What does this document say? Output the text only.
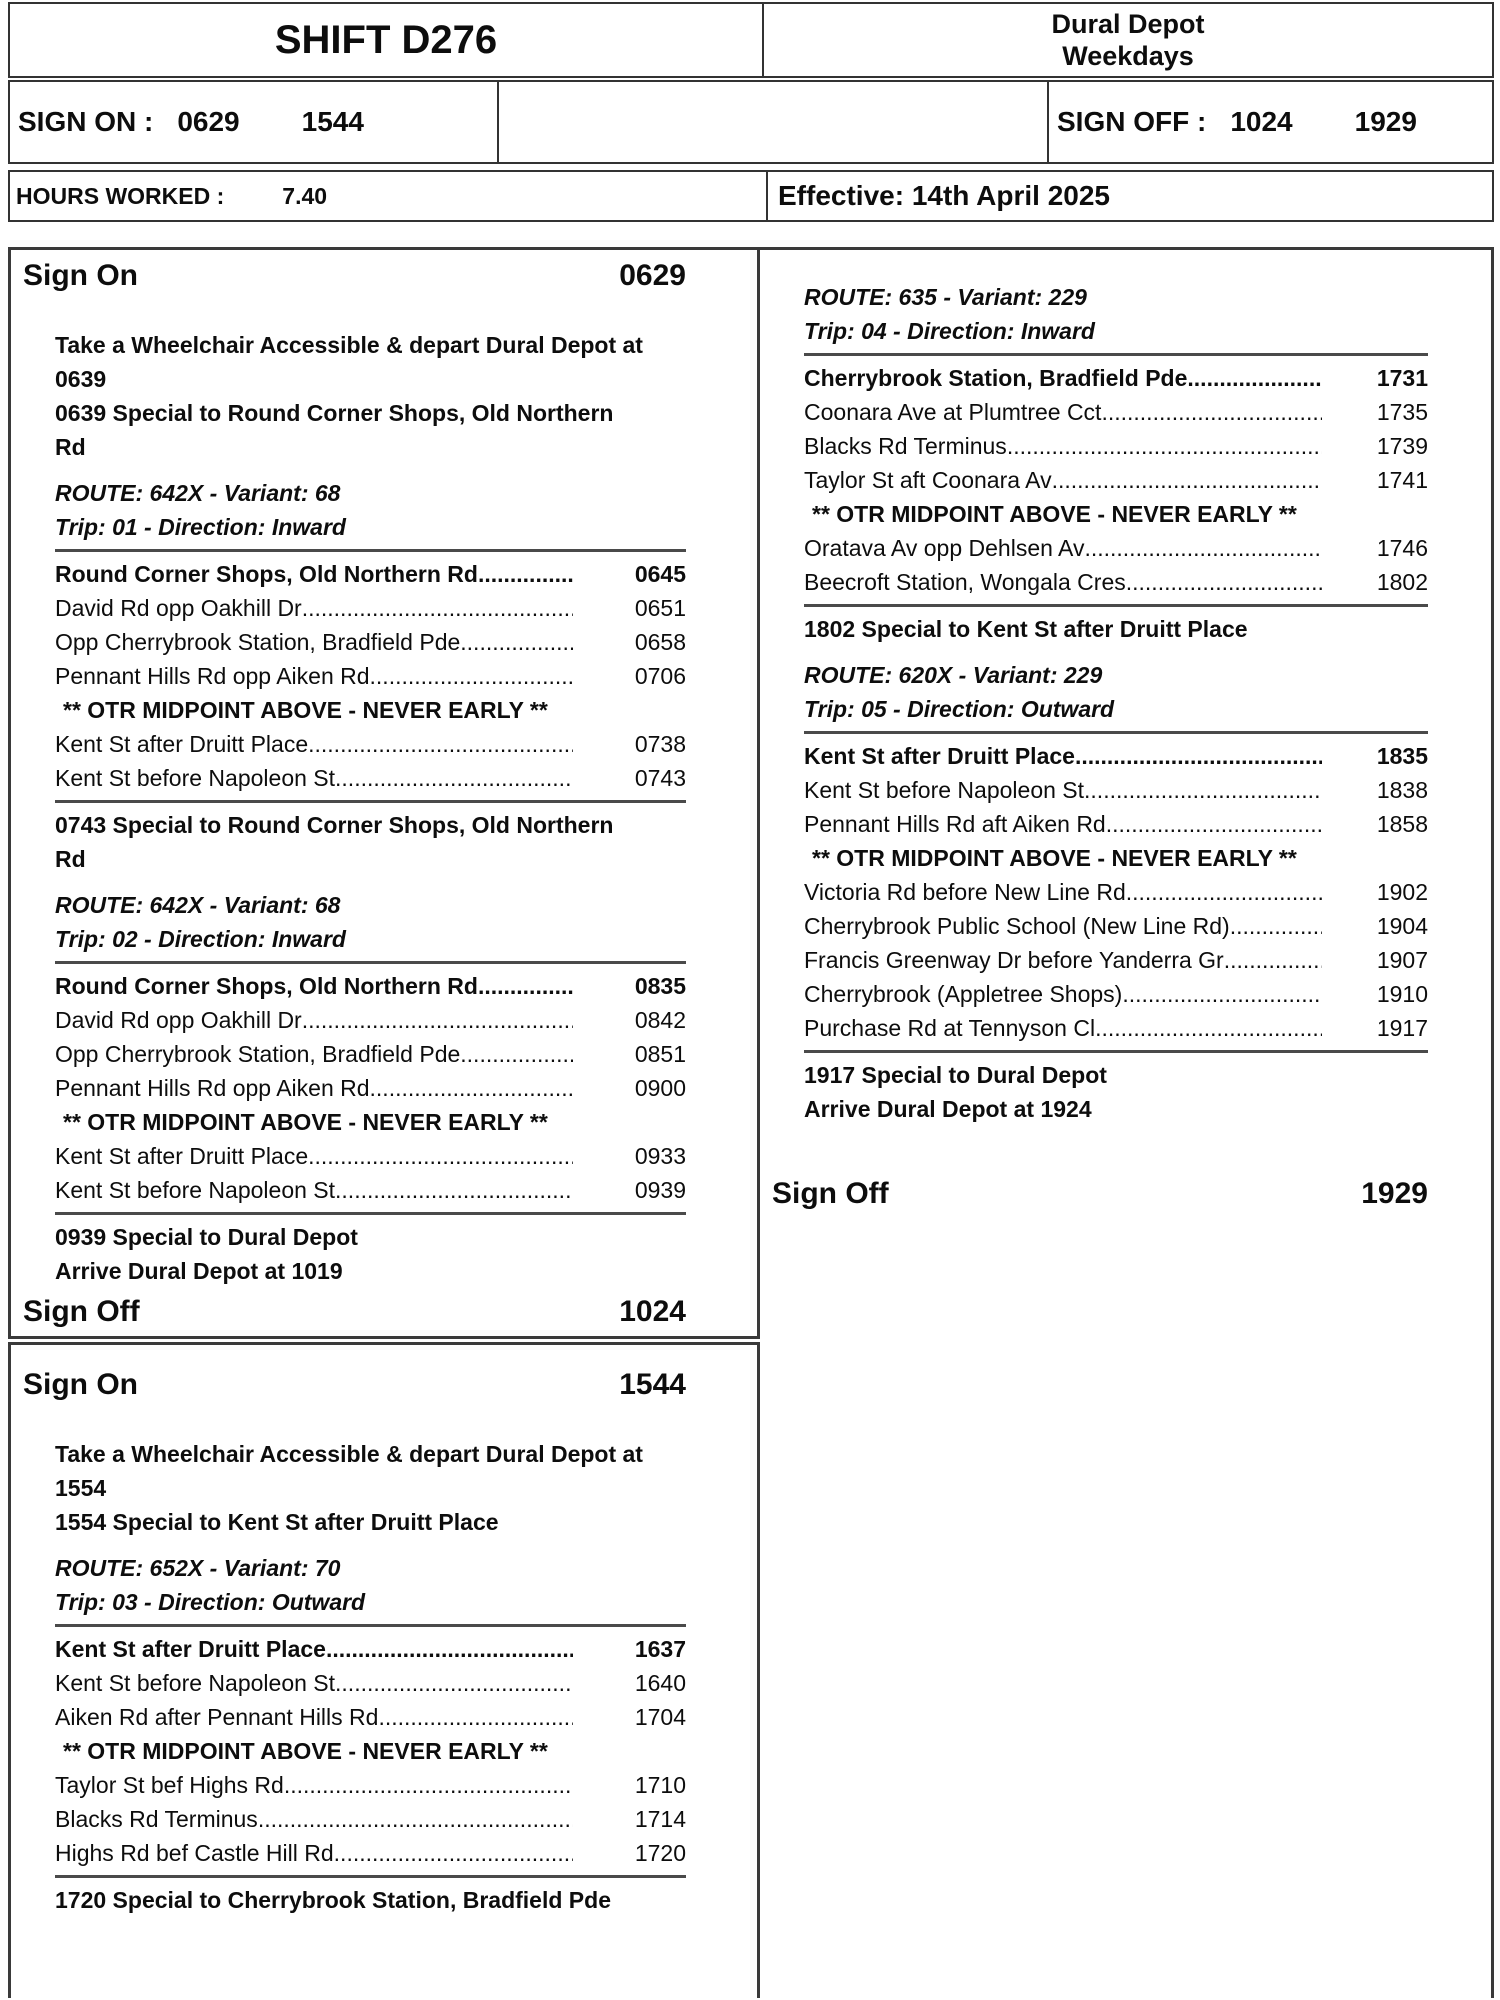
SHIFT D276	Dural Depot
Weekdays
SIGN ON : 0629 1544	SIGN OFF : 1024 1929
HOURS WORKED :	7.40	Effective: 14th April 2025
Sign On	0629
Take a Wheelchair Accessible & depart Dural Depot at
0639
0639 Special to Round Corner Shops, Old Northern
Rd
ROUTE: 642X - Variant: 68
Trip: 01 - Direction: Inward
Round Corner Shops, Old Northern Rd .....	0645
David Rd opp Oakhill Dr .....	0651
Opp Cherrybrook Station, Bradfield Pde .....	0658
Pennant Hills Rd opp Aiken Rd .....	0706
** OTR MIDPOINT ABOVE - NEVER EARLY **
Kent St after Druitt Place .....	0738
Kent St before Napoleon St .....	0743
0743 Special to Round Corner Shops, Old Northern
Rd
ROUTE: 642X - Variant: 68
Trip: 02 - Direction: Inward
Round Corner Shops, Old Northern Rd .....	0835
David Rd opp Oakhill Dr .....	0842
Opp Cherrybrook Station, Bradfield Pde .....	0851
Pennant Hills Rd opp Aiken Rd .....	0900
** OTR MIDPOINT ABOVE - NEVER EARLY **
Kent St after Druitt Place .....	0933
Kent St before Napoleon St .....	0939
0939 Special to Dural Depot
Arrive Dural Depot at 1019
Sign Off	1024
Sign On	1544
Take a Wheelchair Accessible & depart Dural Depot at
1554
1554 Special to Kent St after Druitt Place
ROUTE: 652X - Variant: 70
Trip: 03 - Direction: Outward
Kent St after Druitt Place .....	1637
Kent St before Napoleon St .....	1640
Aiken Rd after Pennant Hills Rd .....	1704
** OTR MIDPOINT ABOVE - NEVER EARLY **
Taylor St bef Highs Rd .....	1710
Blacks Rd Terminus .....	1714
Highs Rd bef Castle Hill Rd .....	1720
1720 Special to Cherrybrook Station, Bradfield Pde
ROUTE: 635 - Variant: 229
Trip: 04 - Direction: Inward
Cherrybrook Station, Bradfield Pde .....	1731
Coonara Ave at Plumtree Cct .....	1735
Blacks Rd Terminus .....	1739
Taylor St aft Coonara Av .....	1741
** OTR MIDPOINT ABOVE - NEVER EARLY **
Oratava Av opp Dehlsen Av .....	1746
Beecroft Station, Wongala Cres .....	1802
1802 Special to Kent St after Druitt Place
ROUTE: 620X - Variant: 229
Trip: 05 - Direction: Outward
Kent St after Druitt Place .....	1835
Kent St before Napoleon St .....	1838
Pennant Hills Rd aft Aiken Rd .....	1858
** OTR MIDPOINT ABOVE - NEVER EARLY **
Victoria Rd before New Line Rd .....	1902
Cherrybrook Public School (New Line Rd) .....	1904
Francis Greenway Dr before Yanderra Gr .....	1907
Cherrybrook (Appletree Shops) .....	1910
Purchase Rd at Tennyson Cl .....	1917
1917 Special to Dural Depot
Arrive Dural Depot at 1924
Sign Off	1929
